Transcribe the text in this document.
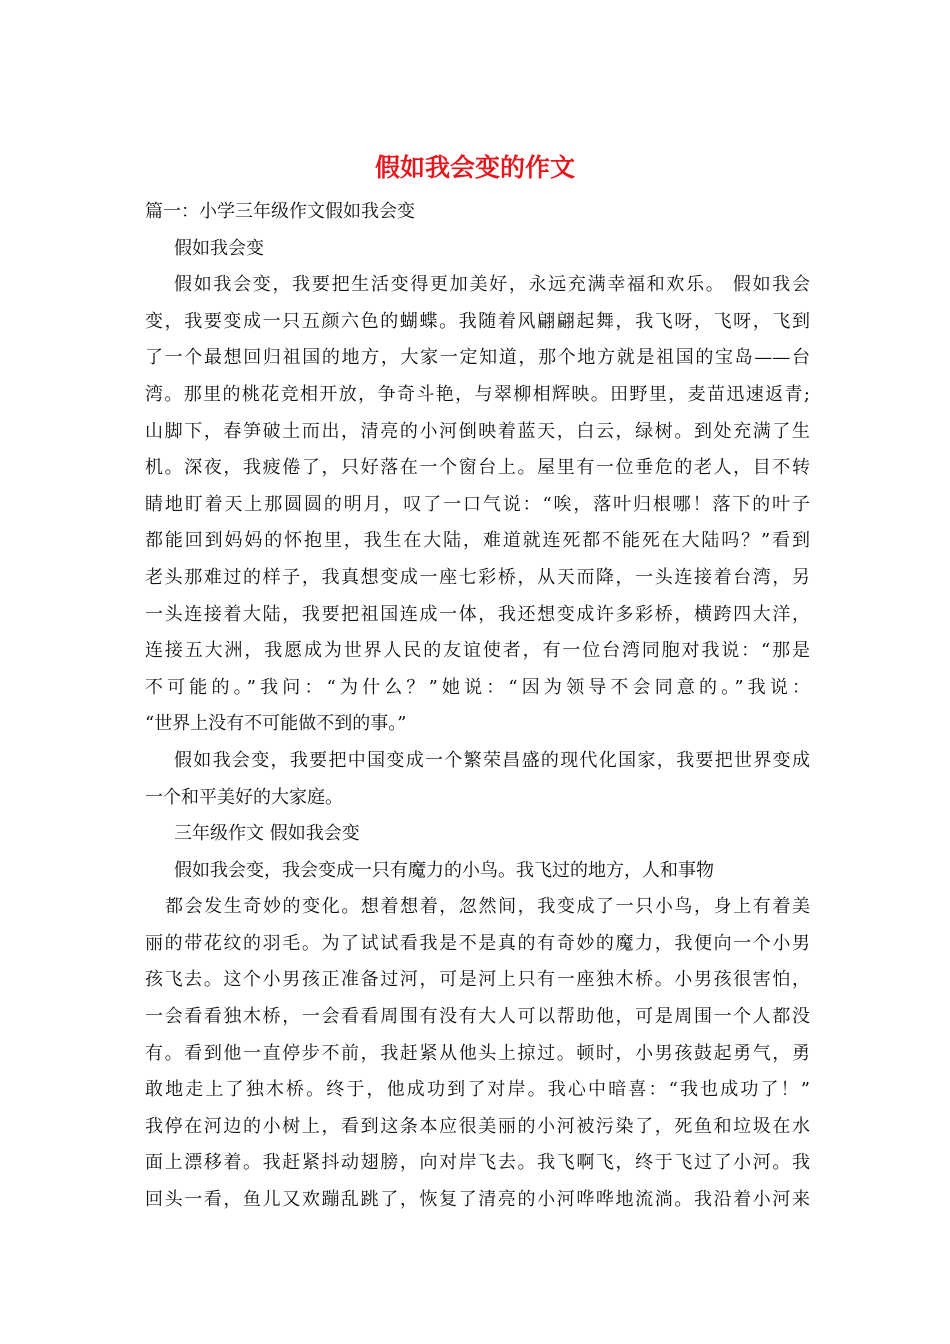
假如我会变的作文
篇一：小学三年级作文假如我会变
假如我会变
假如我会变，我要把生活变得更加美好，永远充满幸福和欢乐。 假如我会
变，我要变成一只五颜六色的蝴蝶。我随着风翩翩起舞，我飞呀，飞呀，飞到
了一个最想回归祖国的地方，大家一定知道，那个地方就是祖国的宝岛——台
湾。那里的桃花竞相开放，争奇斗艳，与翠柳相辉映。田野里，麦苗迅速返青;
山脚下，春笋破土而出，清亮的小河倒映着蓝天，白云，绿树。到处充满了生
机。深夜，我疲倦了，只好落在一个窗台上。屋里有一位垂危的老人，目不转
睛地盯着天上那圆圆的明月，叹了一口气说：“唉，落叶归根哪！落下的叶子
都能回到妈妈的怀抱里，我生在大陆，难道就连死都不能死在大陆吗？”看到
老头那难过的样子，我真想变成一座七彩桥，从天而降，一头连接着台湾，另
一头连接着大陆，我要把祖国连成一体，我还想变成许多彩桥，横跨四大洋，
连接五大洲，我愿成为世界人民的友谊使者，有一位台湾同胞对我说：“那是
不可能的。”我问：“为什么？”她说：“因为领导不会同意的。”我说：
“世界上没有不可能做不到的事。”
假如我会变，我要把中国变成一个繁荣昌盛的现代化国家，我要把世界变成
一个和平美好的大家庭。
三年级作文 假如我会变
假如我会变，我会变成一只有魔力的小鸟。我飞过的地方，人和事物
都会发生奇妙的变化。想着想着，忽然间，我变成了一只小鸟，身上有着美
丽的带花纹的羽毛。为了试试看我是不是真的有奇妙的魔力，我便向一个小男
孩飞去。这个小男孩正准备过河，可是河上只有一座独木桥。小男孩很害怕，
一会看看独木桥，一会看看周围有没有大人可以帮助他，可是周围一个人都没
有。看到他一直停步不前，我赶紧从他头上掠过。顿时，小男孩鼓起勇气，勇
敢地走上了独木桥。终于，他成功到了对岸。我心中暗喜：“我也成功了！”
我停在河边的小树上，看到这条本应很美丽的小河被污染了，死鱼和垃圾在水
面上漂移着。我赶紧抖动翅膀，向对岸飞去。我飞啊飞，终于飞过了小河。我
回头一看，鱼儿又欢蹦乱跳了，恢复了清亮的小河哗哗地流淌。我沿着小河来
